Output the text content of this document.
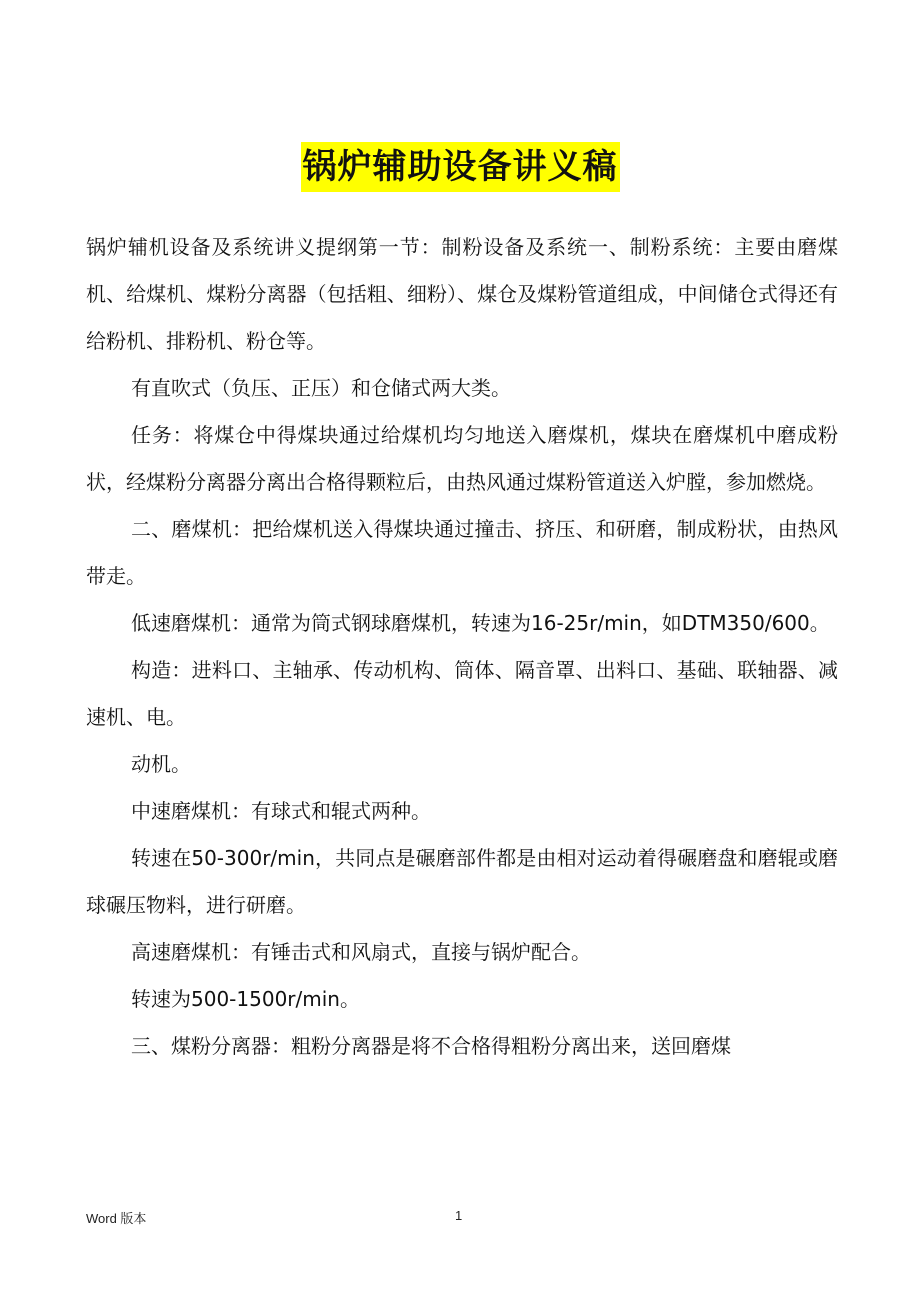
锅炉辅助设备讲义稿

锅炉辅机设备及系统讲义提纲第一节：制粉设备及系统一、制粉系统：主要由磨煤机、给煤机、煤粉分离器（包括粗、细粉）、煤仓及煤粉管道组成，中间储仓式得还有给粉机、排粉机、粉仓等。

有直吹式（负压、正压）和仓储式两大类。

任务：将煤仓中得煤块通过给煤机均匀地送入磨煤机，煤块在磨煤机中磨成粉状，经煤粉分离器分离出合格得颗粒后，由热风通过煤粉管道送入炉膛，参加燃烧。

二、磨煤机：把给煤机送入得煤块通过撞击、挤压、和研磨，制成粉状，由热风带走。

低速磨煤机：通常为筒式钢球磨煤机，转速为16-25r/min，如DTM350/600。

构造：进料口、主轴承、传动机构、筒体、隔音罩、出料口、基础、联轴器、减速机、电。

动机。

中速磨煤机：有球式和辊式两种。

转速在50-300r/min，共同点是碾磨部件都是由相对运动着得碾磨盘和磨辊或磨球碾压物料，进行研磨。

高速磨煤机：有锤击式和风扇式，直接与锅炉配合。

转速为500-1500r/min。

三、煤粉分离器：粗粉分离器是将不合格得粗粉分离出来，送回磨煤

Word 版本	1
